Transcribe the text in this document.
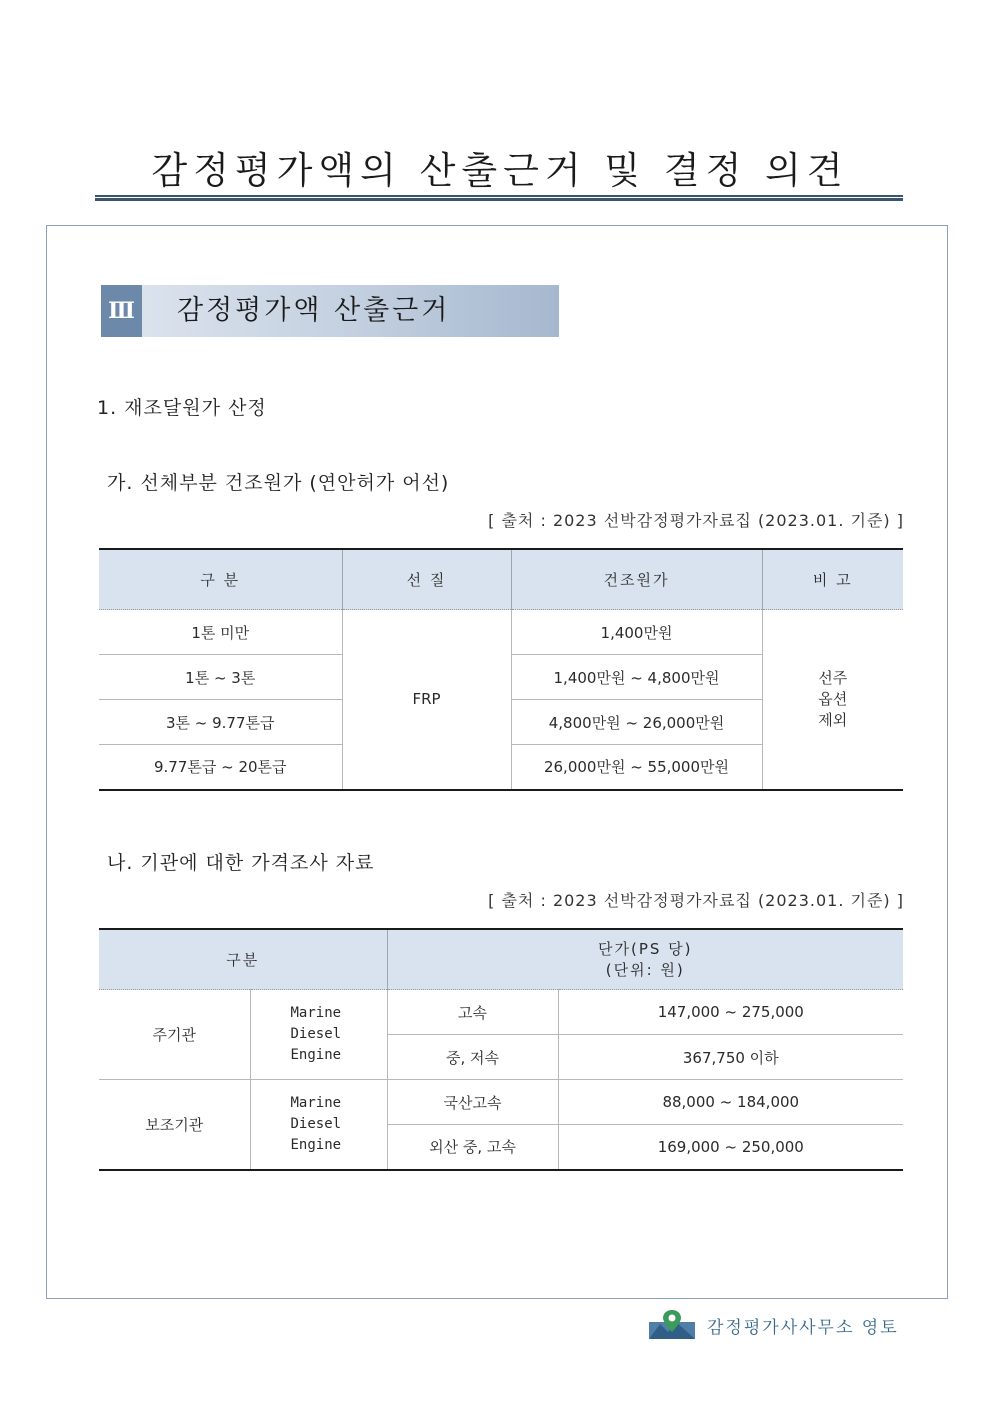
감정평가액의 산출근거 및 결정 의견
Ⅲ 감정평가액 산출근거
1. 재조달원가 산정
가. 선체부분 건조원가 (연안허가 어선)
[ 출처 : 2023 선박감정평가자료집 (2023.01. 기준) ]
구 분	선 질	건조원가	비 고
1톤 미만	FRP	1,400만원	선주
옵션
제외

1톤 ~ 3톤		1,400만원 ~ 4,800만원	
3톤 ~ 9.77톤급		4,800만원 ~ 26,000만원	
9.77톤급 ~ 20톤급		26,000만원 ~ 55,000만원	
나. 기관에 대한 가격조사 자료
[ 출처 : 2023 선박감정평가자료집 (2023.01. 기준) ]
구분		단가(PS 당)
(단위: 원)	

주기관	Marine
Diesel
Engine	고속	147,000 ~ 275,000
		중, 저속	367,750 이하
보조기관	Marine
Diesel
Engine	국산고속	88,000 ~ 184,000
		외산 중, 고속	169,000 ~ 250,000
감정평가사사무소 영토
